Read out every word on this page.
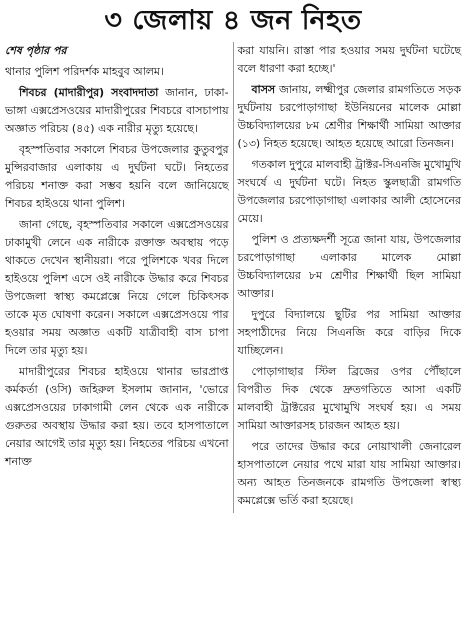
৩ জেলায় ৪ জন নিহত
শেষ পৃষ্ঠার পর
থানার পুলিশ পরিদর্শক মাহবুব আলম।
শিবচর (মাদারীপুর) সংবাদদাতা জানান, ঢাকা-ভাঙ্গা এক্সপ্রেসওয়ের মাদারীপুরের শিবচরে বাসচাপায় অজ্ঞাত পরিচয় (৪৫) এক নারীর মৃত্যু হয়েছে।
বৃহস্পতিবার সকালে শিবচর উপজেলার কুতুবপুর মুন্সিরবাজার এলাকায় এ দুর্ঘটনা ঘটে। নিহতের পরিচয় শনাক্ত করা সম্ভব হয়নি বলে জানিয়েছে শিবচর হাইওয়ে থানা পুলিশ।
জানা গেছে, বৃহস্পতিবার সকালে এক্সপ্রেসওয়ের ঢাকামুখী লেনে এক নারীকে রক্তাক্ত অবস্থায় পড়ে থাকতে দেখেন স্থানীয়রা। পরে পুলিশকে খবর দিলে হাইওয়ে পুলিশ এসে ওই নারীকে উদ্ধার করে শিবচর উপজেলা স্বাস্থ্য কমপ্লেক্সে নিয়ে গেলে চিকিৎসক তাকে মৃত ঘোষণা করেন। সকালে এক্সপ্রেসওয়ে পার হওয়ার সময় অজ্ঞাত একটি যাত্রীবাহী বাস চাপা দিলে তার মৃত্যু হয়।
মাদারীপুরের শিবচর হাইওয়ে থানার ভারপ্রাপ্ত কর্মকর্তা (ওসি) জহিরুল ইসলাম জানান, 'ভোরে এক্সপ্রেসওয়ের ঢাকাগামী লেন থেকে এক নারীকে গুরুতর অবস্থায় উদ্ধার করা হয়। তবে হাসপাতালে নেয়ার আগেই তার মৃত্যু হয়। নিহতের পরিচয় এখনো শনাক্ত
করা যায়নি। রাস্তা পার হওয়ার সময় দুর্ঘটনা ঘটেছে বলে ধারণা করা হচ্ছে।'
বাসস জানায়, লক্ষ্মীপুর জেলার রামগতিতে সড়ক দুর্ঘটনায় চরপোড়াগাছা ইউনিয়নের মালেক মোল্লা উচ্চবিদ্যালয়ের ৮ম শ্রেণীর শিক্ষার্থী সামিয়া আক্তার (১৩) নিহত হয়েছে। আহত হয়েছে আরো তিনজন।
গতকাল দুপুরে মালবাহী ট্রাক্টর-সিএনজি মুখোমুখি সংঘর্ষে এ দুর্ঘটনা ঘটে। নিহত স্কুলছাত্রী রামগতি উপজেলার চরপোড়াগাছা এলাকার আলী হোসেনের মেয়ে।
পুলিশ ও প্রত্যক্ষদর্শী সূত্রে জানা যায়, উপজেলার চরপোড়াগাছা এলাকার মালেক মোল্লা উচ্চবিদ্যালয়ের ৮ম শ্রেণীর শিক্ষার্থী ছিল সামিয়া আক্তার।
দুপুরে বিদ্যালয়ে ছুটির পর সামিয়া আক্তার সহপাঠীদের নিয়ে সিএনজি করে বাড়ির দিকে যাচ্ছিলেন।
পোড়াগাছার স্টিল ব্রিজের ওপর পৌঁছালে বিপরীত দিক থেকে দ্রুতগতিতে আসা একটি মালবাহী ট্রাক্টরের মুখোমুখি সংঘর্ষ হয়। এ সময় সামিয়া আক্তারসহ চারজন আহত হয়।
পরে তাদের উদ্ধার করে নোয়াখালী জেনারেল হাসপাতালে নেয়ার পথে মারা যায় সামিয়া আক্তার। অন্য আহত তিনজনকে রামগতি উপজেলা স্বাস্থ্য কমপ্লেক্সে ভর্তি করা হয়েছে।
